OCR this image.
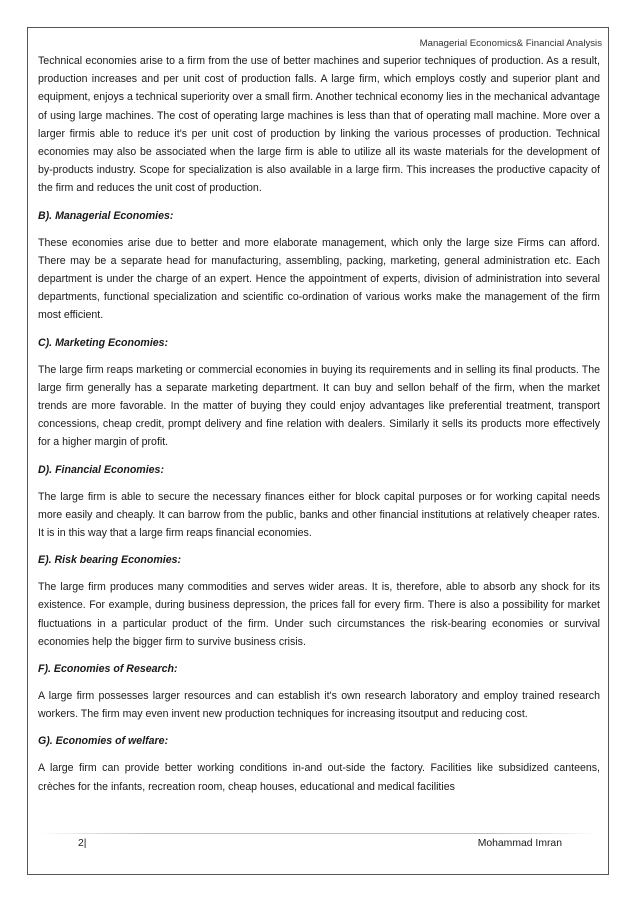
Managerial Economics& Financial Analysis

Technical economies arise to a firm from the use of better machines and superior techniques of production. As a result, production increases and per unit cost of production falls. A large firm, which employs costly and superior plant and equipment, enjoys a technical superiority over a small firm. Another technical economy lies in the mechanical advantage of using large machines. The cost of operating large machines is less than that of operating mall machine. More over a larger firmis able to reduce it's per unit cost of production by linking the various processes of production. Technical economies may also be associated when the large firm is able to utilize all its waste materials for the development of by-products industry. Scope for specialization is also available in a large firm. This increases the productive capacity of the firm and reduces the unit cost of production.

B). Managerial Economies:

These economies arise due to better and more elaborate management, which only the large size Firms can afford. There may be a separate head for manufacturing, assembling, packing, marketing, general administration etc. Each department is under the charge of an expert. Hence the appointment of experts, division of administration into several departments, functional specialization and scientific co-ordination of various works make the management of the firm most efficient.

C). Marketing Economies:

The large firm reaps marketing or commercial economies in buying its requirements and in selling its final products. The large firm generally has a separate marketing department. It can buy and sellon behalf of the firm, when the market trends are more favorable. In the matter of buying they could enjoy advantages like preferential treatment, transport concessions, cheap credit, prompt delivery and fine relation with dealers. Similarly it sells its products more effectively for a higher margin of profit.

D). Financial Economies:

The large firm is able to secure the necessary finances either for block capital purposes or for working capital needs more easily and cheaply. It can barrow from the public, banks and other financial institutions at relatively cheaper rates. It is in this way that a large firm reaps financial economies.

E). Risk bearing Economies:

The large firm produces many commodities and serves wider areas. It is, therefore, able to absorb any shock for its existence. For example, during business depression, the prices fall for every firm. There is also a possibility for market fluctuations in a particular product of the firm. Under such circumstances the risk-bearing economies or survival economies help the bigger firm to survive business crisis.

F). Economies of Research:

A large firm possesses larger resources and can establish it's own research laboratory and employ trained research workers. The firm may even invent new production techniques for increasing itsoutput and reducing cost.

G). Economies of welfare:

A large firm can provide better working conditions in-and out-side the factory. Facilities like subsidized canteens, crèches for the infants, recreation room, cheap houses, educational and medical facilities

2|	Mohammad Imran
